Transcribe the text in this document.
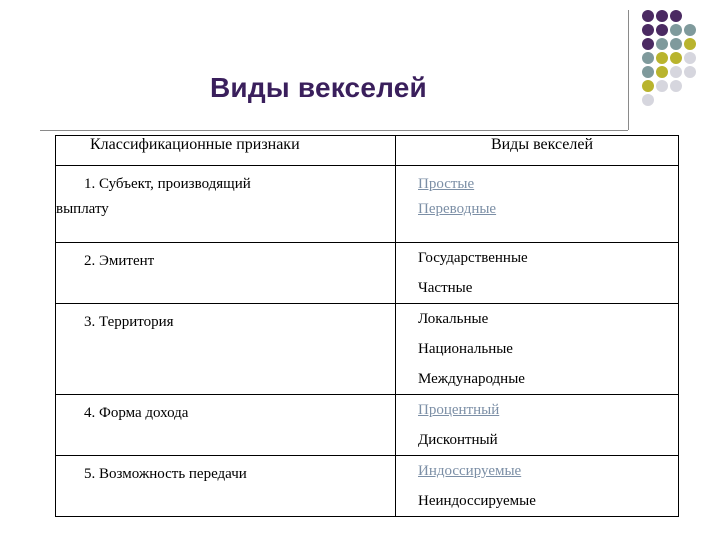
Виды векселей
Классификационные признаки	Виды векселей

1. Субъект, производящий
выплату	Простые
Переводные

2. Эмитент	Государственные

	Частные

3. Территория	Локальные

	Национальные

	Международные

4. Форма дохода	Процентный

	Дисконтный

5. Возможность передачи	Индоссируемые

	Неиндоссируемые
